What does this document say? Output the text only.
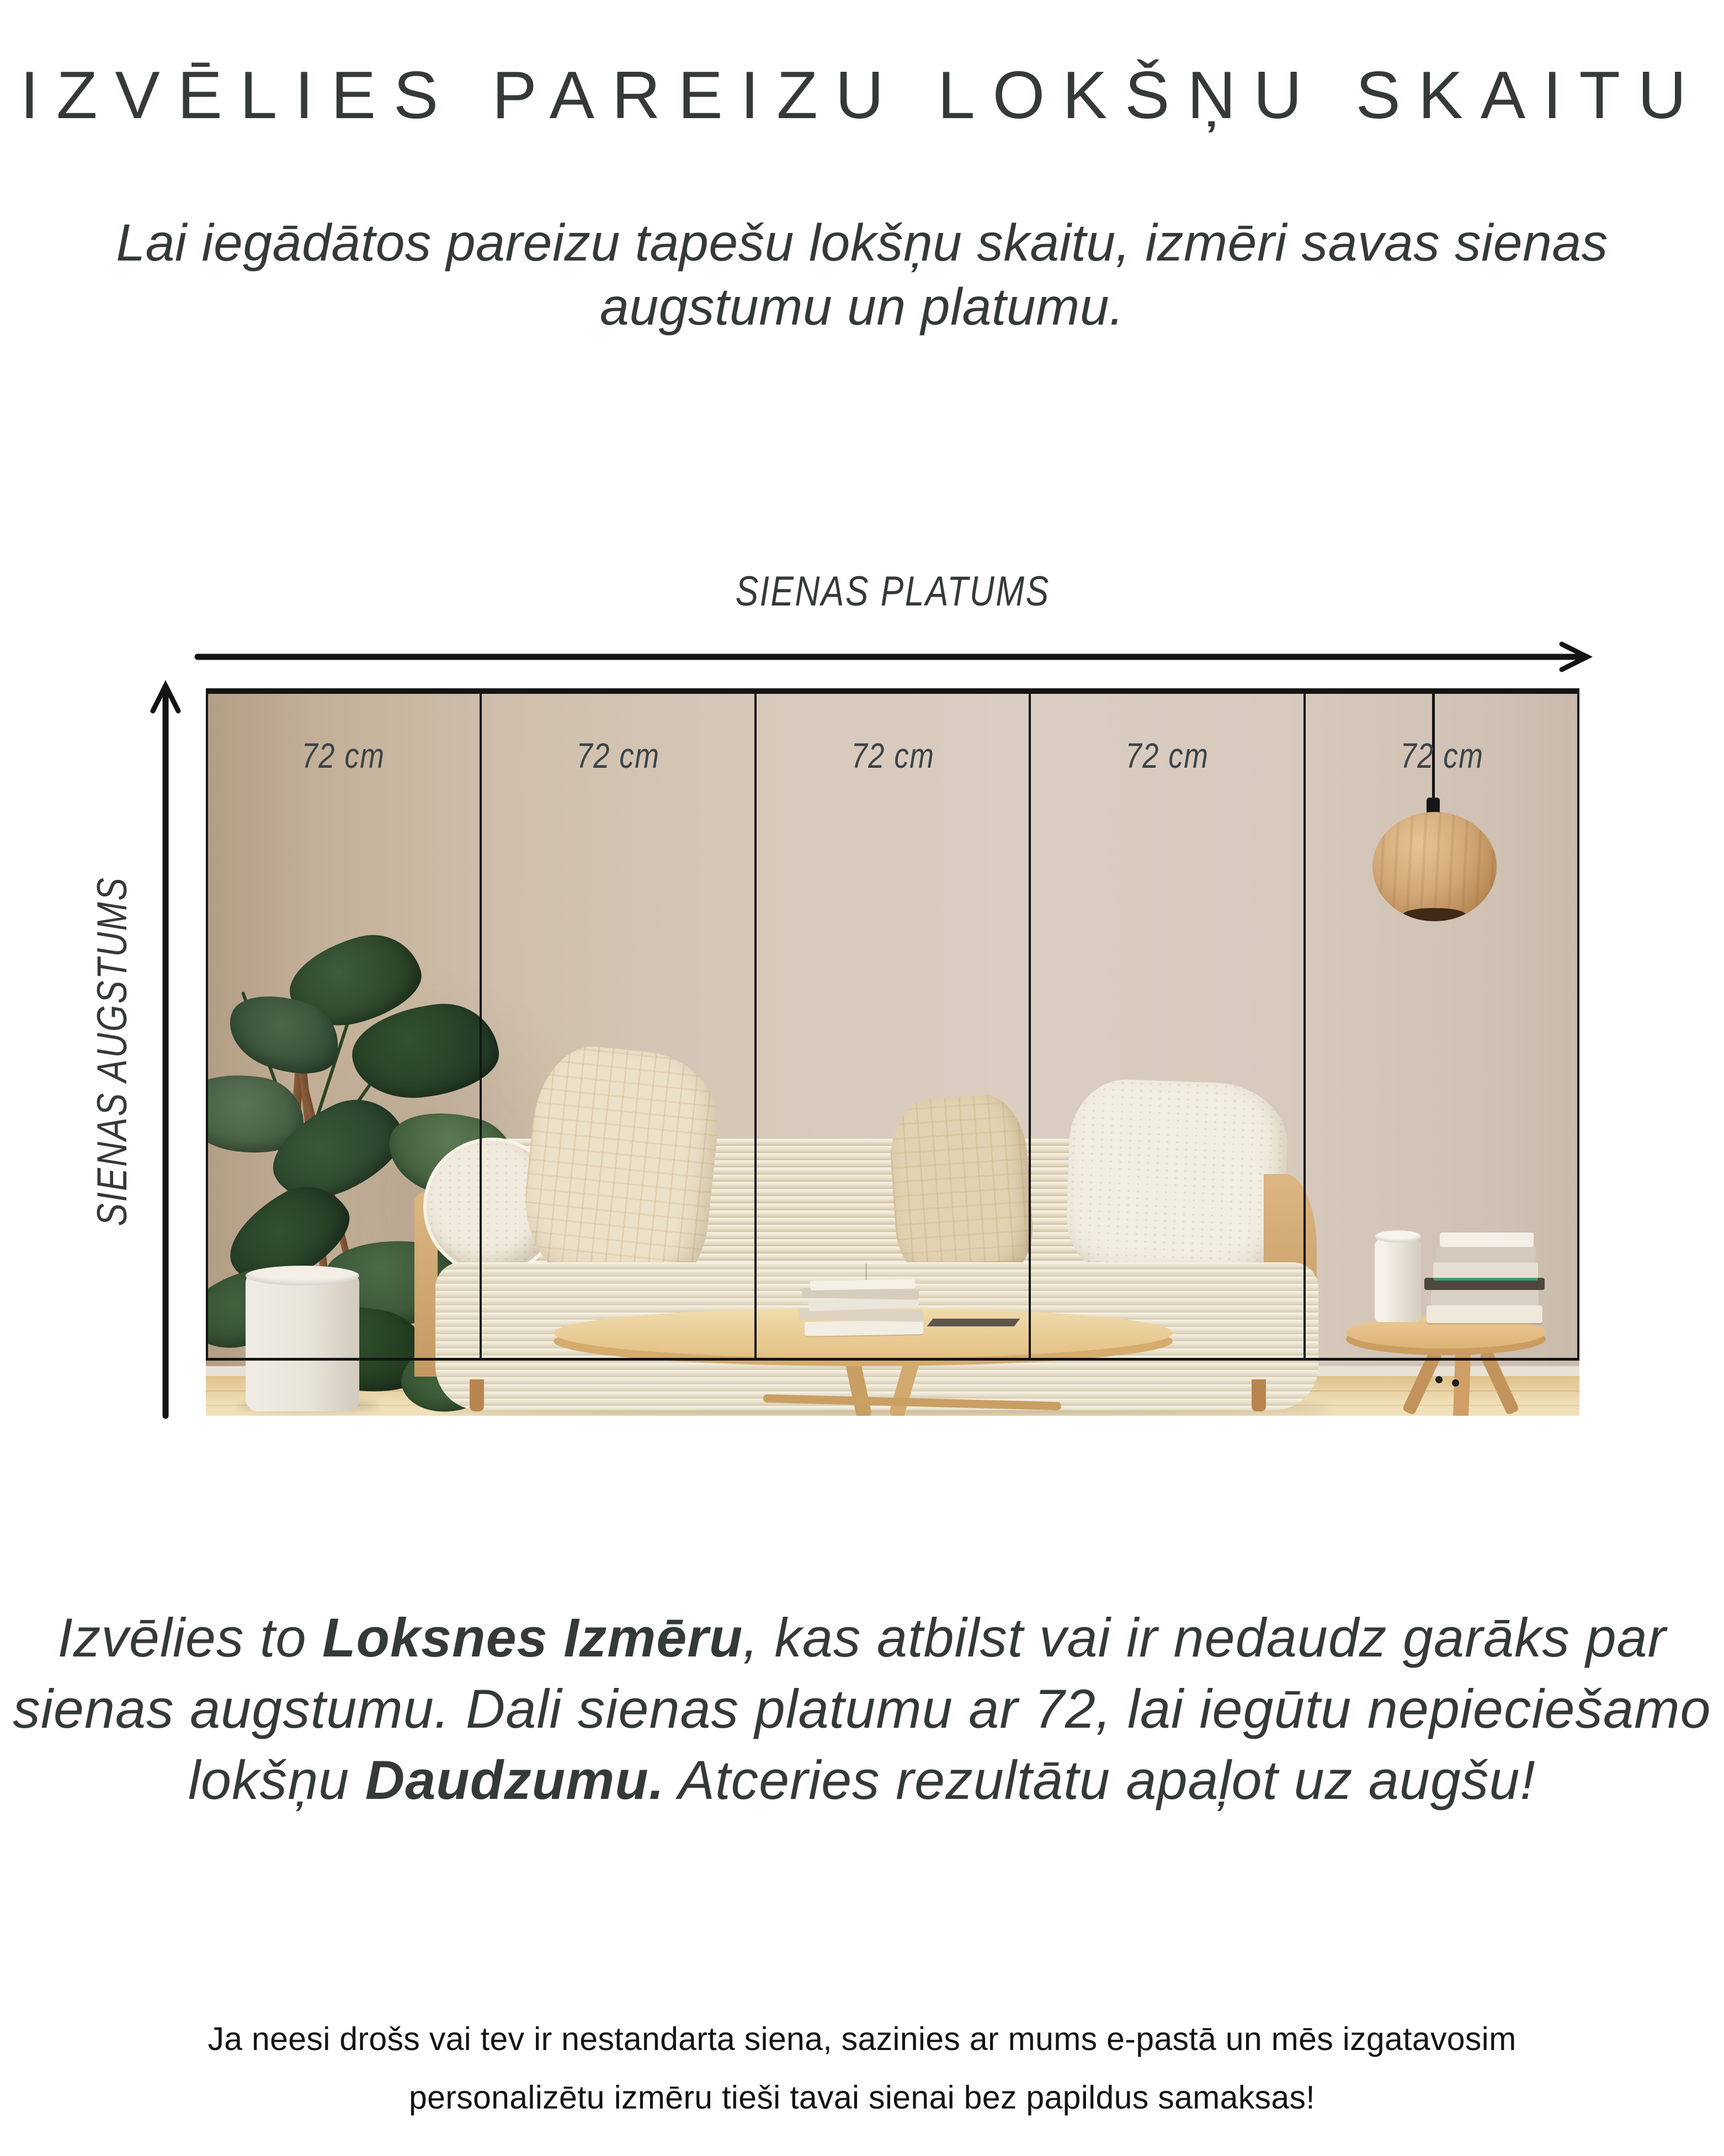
IZVĒLIES PAREIZU LOKŠŅU SKAITU
Lai iegādātos pareizu tapešu lokšņu skaitu, izmēri savas sienas
augstumu un platumu.
SIENAS PLATUMS
SIENAS AUGSTUMS
72 cm	72 cm	72 cm	72 cm	72 cm
Izvēlies to Loksnes Izmēru, kas atbilst vai ir nedaudz garāks par
sienas augstumu. Dali sienas platumu ar 72, lai iegūtu nepieciešamo
lokšņu Daudzumu. Atceries rezultātu apaļot uz augšu!
Ja neesi drošs vai tev ir nestandarta siena, sazinies ar mums e-pastā un mēs izgatavosim
personalizētu izmēru tieši tavai sienai bez papildus samaksas!
